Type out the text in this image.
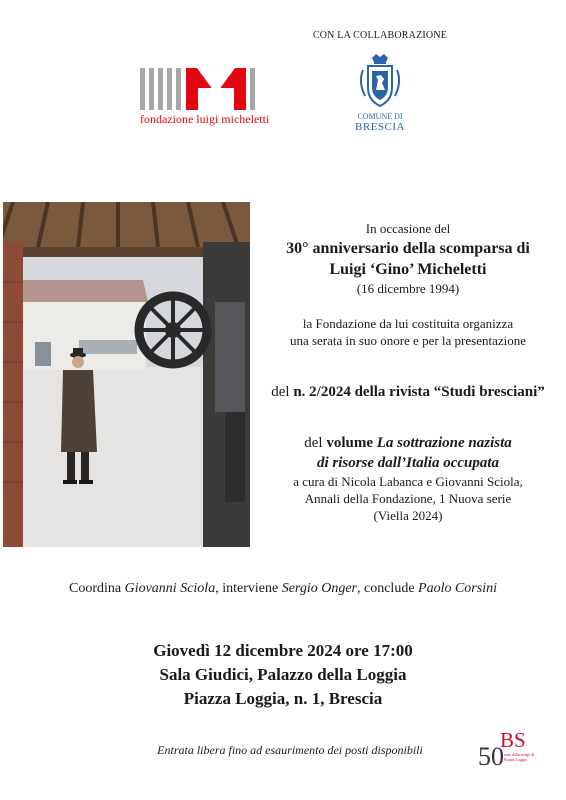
CON LA COLLABORAZIONE
fondazione luigi micheletti	COMUNE DI
BRESCIA
In occasione del
30° anniversario della scomparsa di
Luigi ‘Gino’ Micheletti
(16 dicembre 1994)
la Fondazione da lui costituita organizza
una serata in suo onore e per la presentazione
del n. 2/2024 della rivista “Studi bresciani”
del volume La sottrazione nazista
di risorse dall’Italia occupata
a cura di Nicola Labanca e Giovanni Sciola,
Annali della Fondazione, 1 Nuova serie
(Viella 2024)
Coordina Giovanni Sciola, interviene Sergio Onger, conclude Paolo Corsini
Giovedì 12 dicembre 2024 ore 17:00
Sala Giudici, Palazzo della Loggia
Piazza Loggia, n. 1, Brescia
Entrata libera fino ad esaurimento dei posti disponibili	BS
50 anni dalla strage di Piazza Loggia
